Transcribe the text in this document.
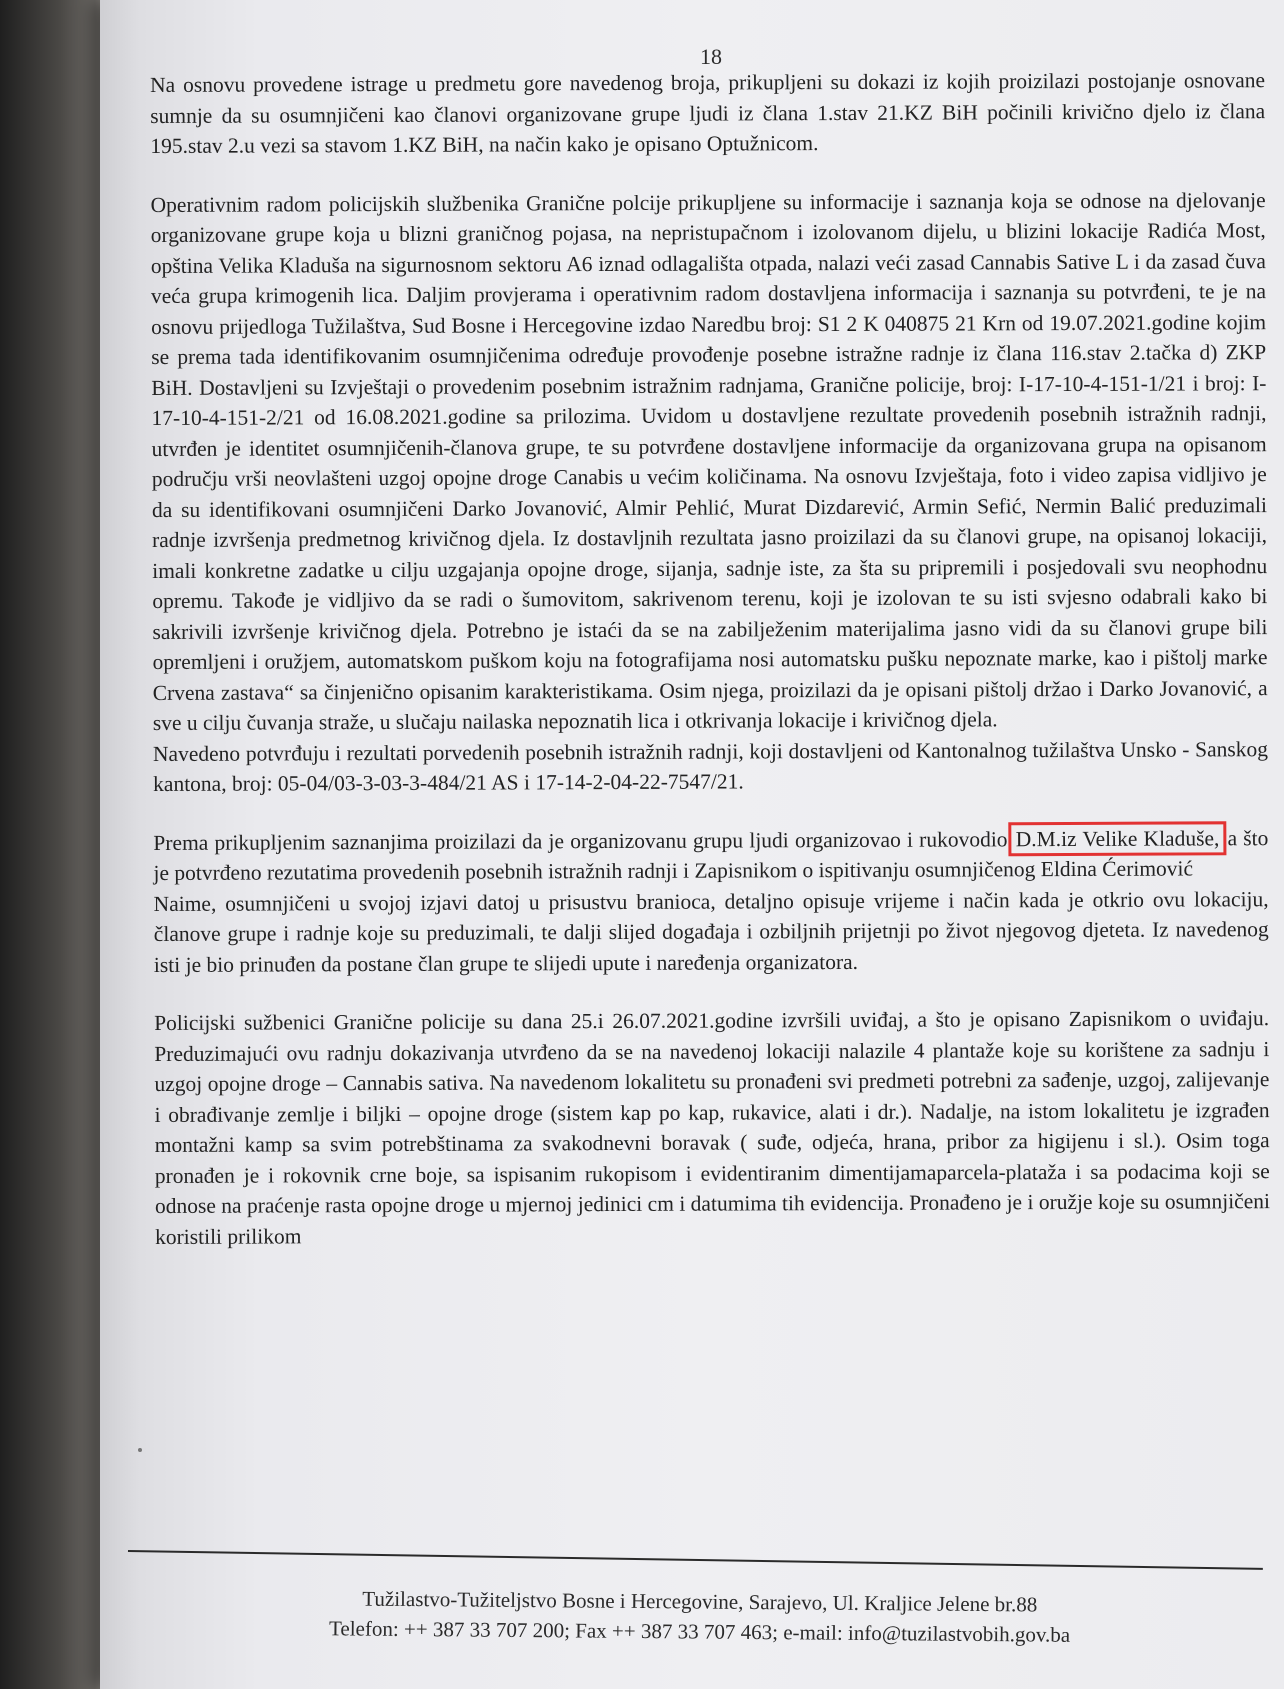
18

Na osnovu provedene istrage u predmetu gore navedenog broja, prikupljeni su dokazi iz kojih proizilazi postojanje osnovane sumnje da su osumnjičeni kao članovi organizovane grupe ljudi iz člana 1.stav 21.KZ BiH počinili krivično djelo iz člana 195.stav 2.u vezi sa stavom 1.KZ BiH, na način kako je opisano Optužnicom.

Operativnim radom policijskih službenika Granične polcije prikupljene su informacije i saznanja koja se odnose na djelovanje organizovane grupe koja u blizni graničnog pojasa, na nepristupačnom i izolovanom dijelu, u blizini lokacije Radića Most, opština Velika Kladuša na sigurnosnom sektoru A6 iznad odlagališta otpada, nalazi veći zasad Cannabis Sative L i da zasad čuva veća grupa krimogenih lica. Daljim provjerama i operativnim radom dostavljena informacija i saznanja su potvrđeni, te je na osnovu prijedloga Tužilaštva, Sud Bosne i Hercegovine izdao Naredbu broj: S1 2 K 040875 21 Krn od 19.07.2021.godine kojim se prema tada identifikovanim osumnjičenima određuje provođenje posebne istražne radnje iz člana 116.stav 2.tačka d) ZKP BiH. Dostavljeni su Izvještaji o provedenim posebnim istražnim radnjama, Granične policije, broj: I-17-10-4-151-1/21 i broj: I-17-10-4-151-2/21 od 16.08.2021.godine sa prilozima. Uvidom u dostavljene rezultate provedenih posebnih istražnih radnji, utvrđen je identitet osumnjičenih-članova grupe, te su potvrđene dostavljene informacije da organizovana grupa na opisanom području vrši neovlašteni uzgoj opojne droge Canabis u većim količinama. Na osnovu Izvještaja, foto i video zapisa vidljivo je da su identifikovani osumnjičeni Darko Jovanović, Almir Pehlić, Murat Dizdarević, Armin Sefić, Nermin Balić preduzimali radnje izvršenja predmetnog krivičnog djela. Iz dostavljnih rezultata jasno proizilazi da su članovi grupe, na opisanoj lokaciji, imali konkretne zadatke u cilju uzgajanja opojne droge, sijanja, sadnje iste, za šta su pripremili i posjedovali svu neophodnu opremu. Takođe je vidljivo da se radi o šumovitom, sakrivenom terenu, koji je izolovan te su isti svjesno odabrali kako bi sakrivili izvršenje krivičnog djela. Potrebno je istaći da se na zabilježenim materijalima jasno vidi da su članovi grupe bili opremljeni i oružjem, automatskom puškom koju na fotografijama nosi automatsku pušku nepoznate marke, kao i pištolj marke Crvena zastava“ sa činjenično opisanim karakteristikama. Osim njega, proizilazi da je opisani pištolj držao i Darko Jovanović, a sve u cilju čuvanja straže, u slučaju nailaska nepoznatih lica i otkrivanja lokacije i krivičnog djela.

Navedeno potvrđuju i rezultati porvedenih posebnih istražnih radnji, koji dostavljeni od Kantonalnog tužilaštva Unsko - Sanskog kantona, broj: 05-04/03-3-03-3-484/21 AS i 17-14-2-04-22-7547/21.

Prema prikupljenim saznanjima proizilazi da je organizovanu grupu ljudi organizovao i rukovodio D.M.iz Velike Kladuše, a što je potvrđeno rezutatima provedenih posebnih istražnih radnji i Zapisnikom o ispitivanju osumnjičenog Eldina Ćerimović

Naime, osumnjičeni u svojoj izjavi datoj u prisustvu branioca, detaljno opisuje vrijeme i način kada je otkrio ovu lokaciju, članove grupe i radnje koje su preduzimali, te dalji slijed događaja i ozbiljnih prijetnji po život njegovog djeteta. Iz navedenog isti je bio prinuđen da postane član grupe te slijedi upute i naređenja organizatora.

Policijski sužbenici Granične policije su dana 25.i 26.07.2021.godine izvršili uviđaj, a što je opisano Zapisnikom o uviđaju. Preduzimajući ovu radnju dokazivanja utvrđeno da se na navedenoj lokaciji nalazile 4 plantaže koje su korištene za sadnju i uzgoj opojne droge – Cannabis sativa. Na navedenom lokalitetu su pronađeni svi predmeti potrebni za sađenje, uzgoj, zalijevanje i obrađivanje zemlje i biljki – opojne droge (sistem kap po kap, rukavice, alati i dr.). Nadalje, na istom lokalitetu je izgrađen montažni kamp sa svim potrebštinama za svakodnevni boravak ( suđe, odjeća, hrana, pribor za higijenu i sl.). Osim toga pronađen je i rokovnik crne boje, sa ispisanim rukopisom i evidentiranim dimentijamaparcela-plataža i sa podacima koji se odnose na praćenje rasta opojne droge u mjernoj jedinici cm i datumima tih evidencija. Pronađeno je i oružje koje su osumnjičeni koristili prilikom

Tužilastvo-Tužiteljstvo Bosne i Hercegovine, Sarajevo, Ul. Kraljice Jelene br.88
Telefon: ++ 387 33 707 200; Fax ++ 387 33 707 463; e-mail: info@tuzilastvobih.gov.ba
